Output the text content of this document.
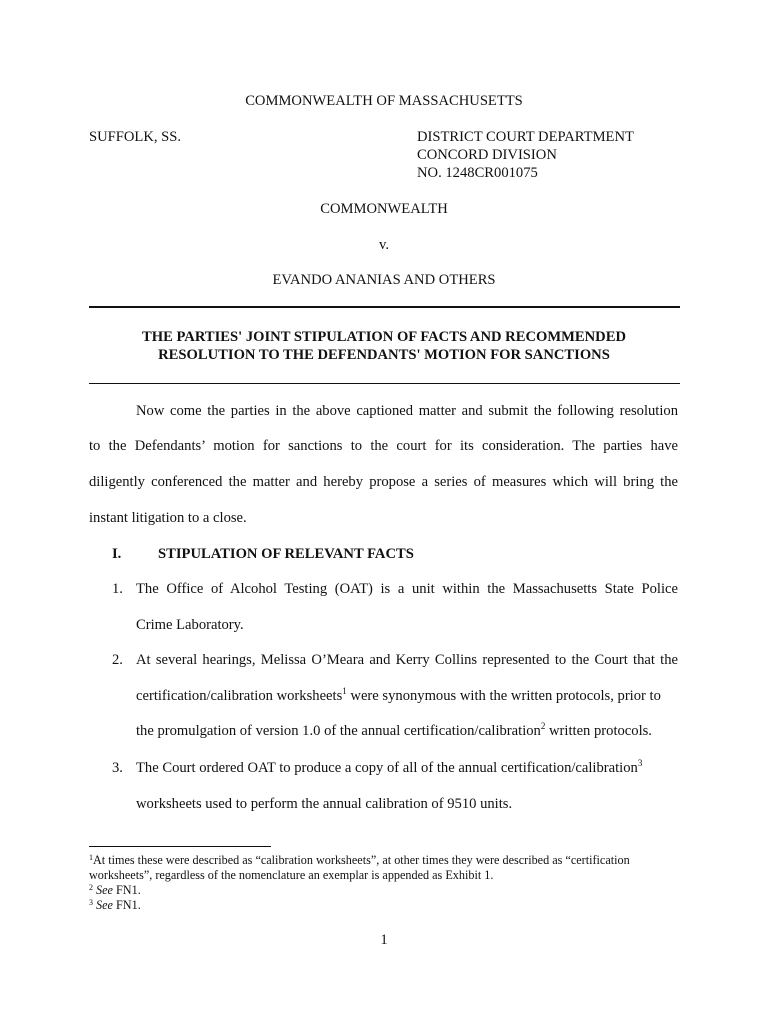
COMMONWEALTH OF MASSACHUSETTS
SUFFOLK, SS.	DISTRICT COURT DEPARTMENT
CONCORD DIVISION
NO. 1248CR001075
COMMONWEALTH
v.
EVANDO ANANIAS AND OTHERS
THE PARTIES' JOINT STIPULATION OF FACTS AND RECOMMENDED
RESOLUTION TO THE DEFENDANTS' MOTION FOR SANCTIONS
Now come the parties in the above captioned matter and submit the following resolution
to the Defendants’ motion for sanctions to the court for its consideration. The parties have
diligently conferenced the matter and hereby propose a series of measures which will bring the
instant litigation to a close.
I.	STIPULATION OF RELEVANT FACTS
1. The Office of Alcohol Testing (OAT) is a unit within the Massachusetts State Police
Crime Laboratory.
2. At several hearings, Melissa O’Meara and Kerry Collins represented to the Court that the
certification/calibration worksheets$^1$ were synonymous with the written protocols, prior to
the promulgation of version 1.0 of the annual certification/calibration$^2$ written protocols.
3. The Court ordered OAT to produce a copy of all of the annual certification/calibration$^3$
worksheets used to perform the annual calibration of 9510 units.
$^1$At times these were described as “calibration worksheets”, at other times they were described as “certification
worksheets”, regardless of the nomenclature an exemplar is appended as Exhibit 1.
$^2$ See FN1.
$^3$ See FN1.
1
